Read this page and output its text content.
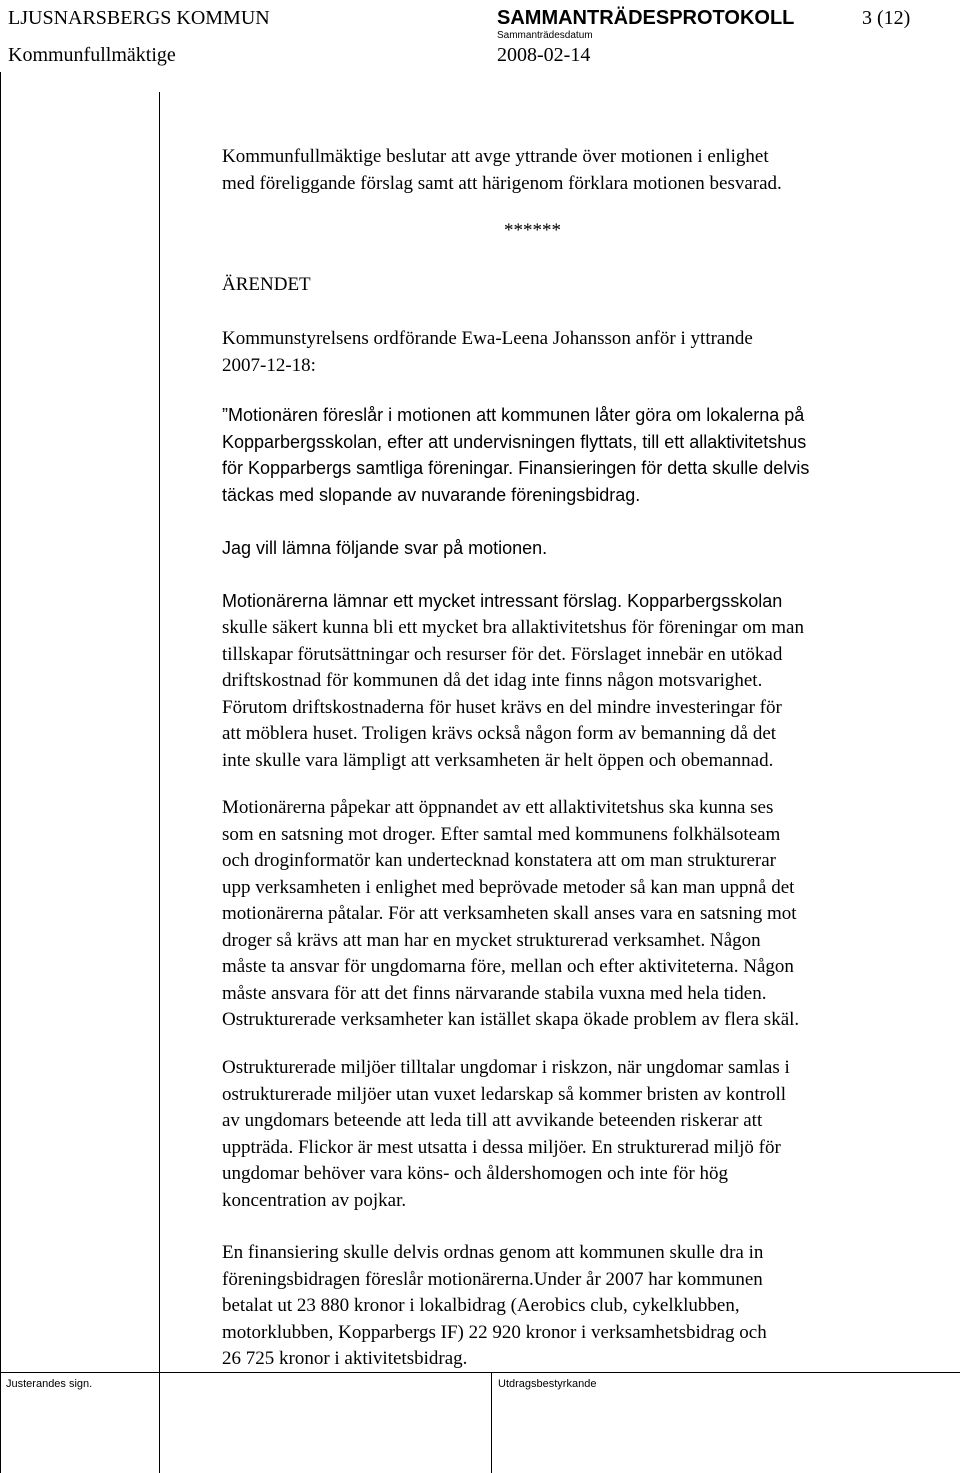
LJUSNARSBERGS KOMMUN	SAMMANTRÄDESPROTOKOLL	3 (12)
Sammanträdesdatum
Kommunfullmäktige	2008-02-14

Kommunfullmäktige beslutar att avge yttrande över motionen i enlighet

med föreliggande förslag samt att härigenom förklara motionen besvarad.

******
ÄRENDET

Kommunstyrelsens ordförande Ewa-Leena Johansson anför i yttrande

2007-12-18:

”Motionären föreslår i motionen att kommunen låter göra om lokalerna på

Kopparbergsskolan, efter att undervisningen flyttats, till ett allaktivitetshus

för Kopparbergs samtliga föreningar. Finansieringen för detta skulle delvis

täckas med slopande av nuvarande föreningsbidrag.

Jag vill lämna följande svar på motionen.

Motionärerna lämnar ett mycket intressant förslag. Kopparbergsskolan

skulle säkert kunna bli ett mycket bra allaktivitetshus för föreningar om man

tillskapar förutsättningar och resurser för det. Förslaget innebär en utökad

driftskostnad för kommunen då det idag inte finns någon motsvarighet.

Förutom driftskostnaderna för huset krävs en del mindre investeringar för

att möblera huset. Troligen krävs också någon form av bemanning då det

inte skulle vara lämpligt att verksamheten är helt öppen och obemannad.

Motionärerna påpekar att öppnandet av ett allaktivitetshus ska kunna ses

som en satsning mot droger. Efter samtal med kommunens folkhälsoteam

och droginformatör kan undertecknad konstatera att om man strukturerar

upp verksamheten i enlighet med beprövade metoder så kan man uppnå det

motionärerna påtalar. För att verksamheten skall anses vara en satsning mot

droger så krävs att man har en mycket strukturerad verksamhet. Någon

måste ta ansvar för ungdomarna före, mellan och efter aktiviteterna. Någon

måste ansvara för att det finns närvarande stabila vuxna med hela tiden.

Ostrukturerade verksamheter kan istället skapa ökade problem av flera skäl.

Ostrukturerade miljöer tilltalar ungdomar i riskzon, när ungdomar samlas i

ostrukturerade miljöer utan vuxet ledarskap så kommer bristen av kontroll

av ungdomars beteende att leda till att avvikande beteenden riskerar att

uppträda. Flickor är mest utsatta i dessa miljöer. En strukturerad miljö för

ungdomar behöver vara köns- och åldershomogen och inte för hög

koncentration av pojkar.

En finansiering skulle delvis ordnas genom att kommunen skulle dra in

föreningsbidragen föreslår motionärerna.Under år 2007 har kommunen

betalat ut 23 880 kronor i lokalbidrag (Aerobics club, cykelklubben,

motorklubben, Kopparbergs IF) 22 920 kronor i verksamhetsbidrag och

26 725 kronor i aktivitetsbidrag.

Justerandes sign.	Utdragsbestyrkande
